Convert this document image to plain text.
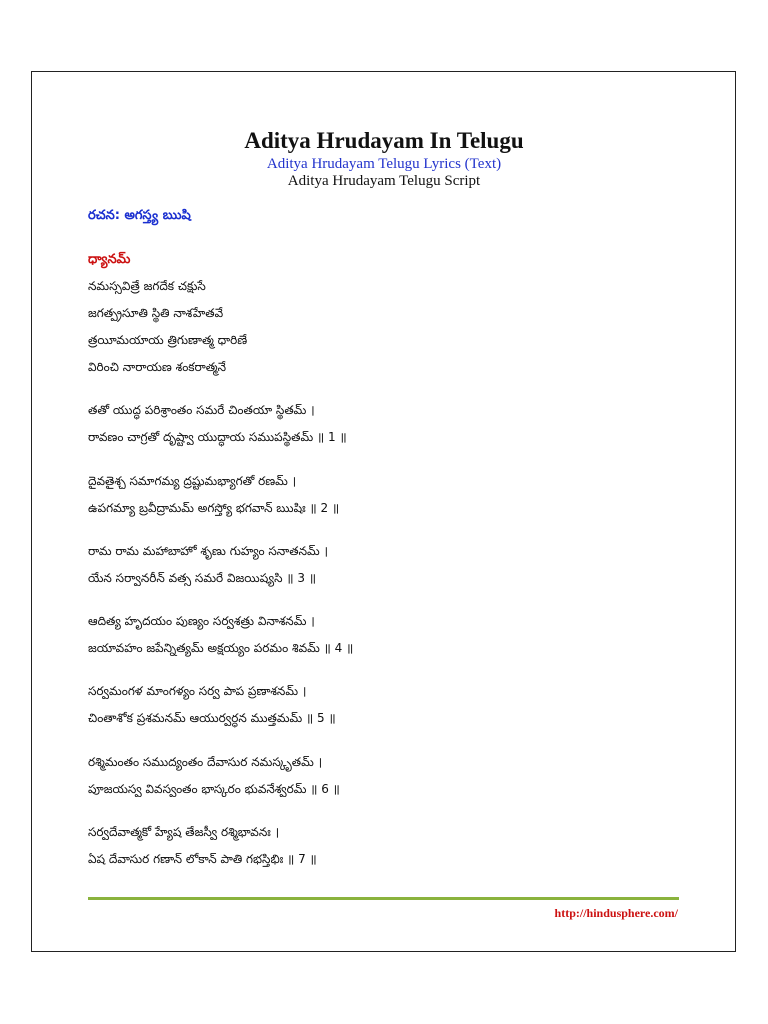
Aditya Hrudayam In Telugu
Aditya Hrudayam Telugu Lyrics (Text)
Aditya Hrudayam Telugu Script
రచన: అగస్త్య ఋషి
ధ్యానమ్
నమస్సవిత్రే జగదేక చక్షుసే
జగత్ప్రసూతి స్థితి నాశహేతవే
త్రయీమయాయ త్రిగుణాత్మ ధారిణే
విరించి నారాయణ శంకరాత్మనే
తతో యుద్ధ పరిశ్రాంతం సమరే చింతయా స్థితమ్ ।
రావణం చాగ్రతో దృష్ట్వా యుద్ధాయ సముపస్థితమ్ ॥ 1 ॥
దైవతైశ్చ సమాగమ్య ద్రష్టుమభ్యాగతో రణమ్ ।
ఉపగమ్యా బ్రవీద్రామమ్ అగస్త్యో భగవాన్ ఋషిః ॥ 2 ॥
రామ రామ మహాబాహో శృణు గుహ్యం సనాతనమ్ ।
యేన సర్వానరీన్ వత్స సమరే విజయిష్యసి ॥ 3 ॥
ఆదిత్య హృదయం పుణ్యం సర్వశత్రు వినాశనమ్ ।
జయావహం జపేన్నిత్యమ్ అక్షయ్యం పరమం శివమ్ ॥ 4 ॥
సర్వమంగళ మాంగళ్యం సర్వ పాప ప్రణాశనమ్ ।
చింతాశోక ప్రశమనమ్ ఆయుర్వర్ధన ముత్తమమ్ ॥ 5 ॥
రశ్మిమంతం సముద్యంతం దేవాసుర నమస్కృతమ్ ।
పూజయస్వ వివస్వంతం భాస్కరం భువనేశ్వరమ్ ॥ 6 ॥
సర్వదేవాత్మకో హ్యేష తేజస్వీ రశ్మిభావనః ।
ఏష దేవాసుర గణాన్ లోకాన్ పాతి గభస్తిభిః ॥ 7 ॥
http://hindusphere.com/
